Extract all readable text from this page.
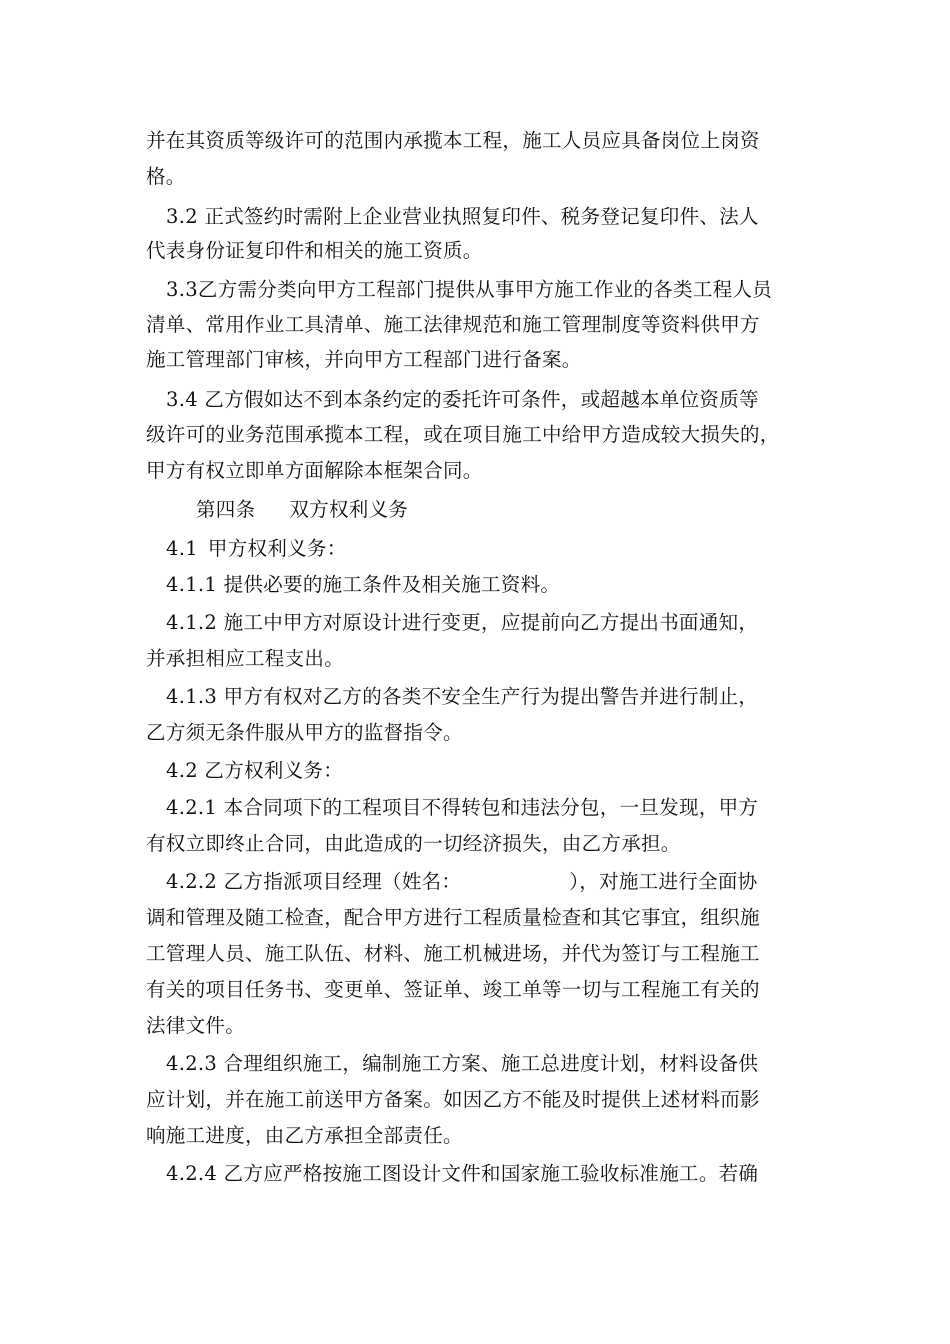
并在其资质等级许可的范围内承揽本工程，施工人员应具备岗位上岗资
格。
3.2 正式签约时需附上企业营业执照复印件、税务登记复印件、法人
代表身份证复印件和相关的施工资质。
3.3乙方需分类向甲方工程部门提供从事甲方施工作业的各类工程人员
清单、常用作业工具清单、施工法律规范和施工管理制度等资料供甲方
施工管理部门审核，并向甲方工程部门进行备案。
3.4 乙方假如达不到本条约定的委托许可条件，或超越本单位资质等
级许可的业务范围承揽本工程，或在项目施工中给甲方造成较大损失的，
甲方有权立即单方面解除本框架合同。
第四条 双方权利义务
4.1 甲方权利义务：
4.1.1 提供必要的施工条件及相关施工资料。
4.1.2 施工中甲方对原设计进行变更，应提前向乙方提出书面通知，
并承担相应工程支出。
4.1.3 甲方有权对乙方的各类不安全生产行为提出警告并进行制止，
乙方须无条件服从甲方的监督指令。
4.2 乙方权利义务：
4.2.1 本合同项下的工程项目不得转包和违法分包，一旦发现，甲方
有权立即终止合同，由此造成的一切经济损失，由乙方承担。
4.2.2 乙方指派项目经理（姓名：	），对施工进行全面协
调和管理及随工检查，配合甲方进行工程质量检查和其它事宜，组织施
工管理人员、施工队伍、材料、施工机械进场，并代为签订与工程施工
有关的项目任务书、变更单、签证单、竣工单等一切与工程施工有关的
法律文件。
4.2.3 合理组织施工，编制施工方案、施工总进度计划，材料设备供
应计划，并在施工前送甲方备案。如因乙方不能及时提供上述材料而影
响施工进度，由乙方承担全部责任。
4.2.4 乙方应严格按施工图设计文件和国家施工验收标准施工。若确
